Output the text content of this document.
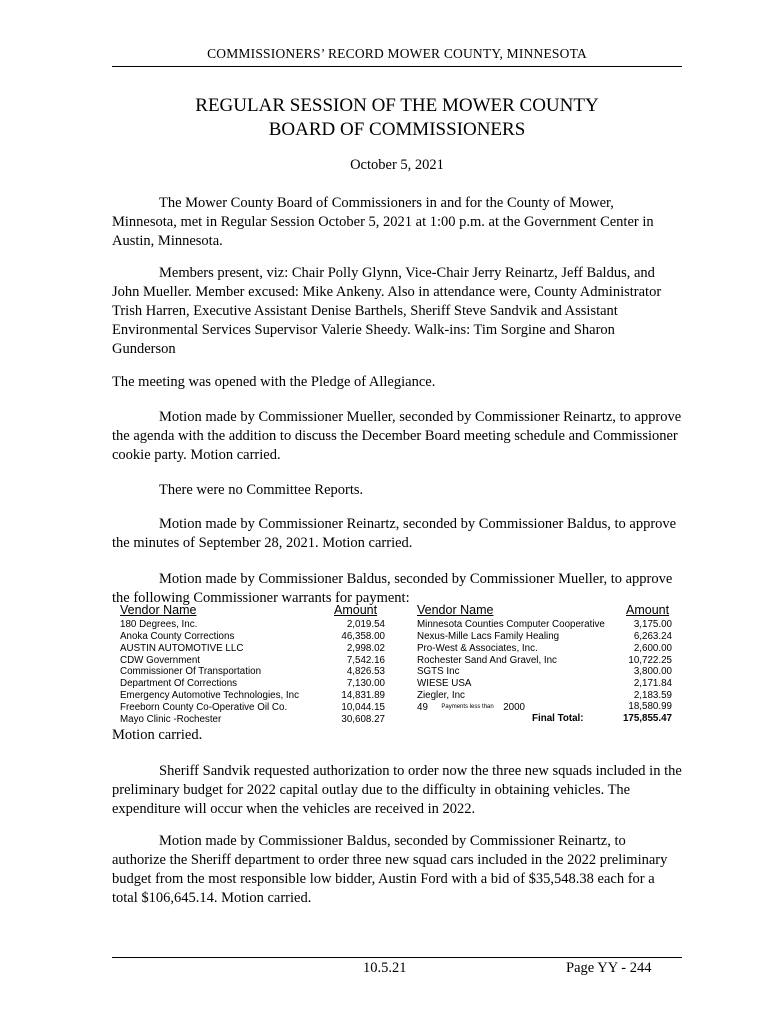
COMMISSIONERS’ RECORD MOWER COUNTY, MINNESOTA
REGULAR SESSION OF THE MOWER COUNTY
BOARD OF COMMISSIONERS
October 5, 2021
The Mower County Board of Commissioners in and for the County of Mower, Minnesota, met in Regular Session October 5, 2021 at 1:00 p.m. at the Government Center in Austin, Minnesota.
Members present, viz: Chair Polly Glynn, Vice-Chair Jerry Reinartz, Jeff Baldus, and John Mueller. Member excused: Mike Ankeny. Also in attendance were, County Administrator Trish Harren, Executive Assistant Denise Barthels, Sheriff Steve Sandvik and Assistant Environmental Services Supervisor Valerie Sheedy. Walk-ins: Tim Sorgine and Sharon Gunderson
The meeting was opened with the Pledge of Allegiance.
Motion made by Commissioner Mueller, seconded by Commissioner Reinartz, to approve the agenda with the addition to discuss the December Board meeting schedule and Commissioner cookie party. Motion carried.
There were no Committee Reports.
Motion made by Commissioner Reinartz, seconded by Commissioner Baldus, to approve the minutes of September 28, 2021. Motion carried.
Motion made by Commissioner Baldus, seconded by Commissioner Mueller, to approve the following Commissioner warrants for payment:
Vendor Name	Amount	Vendor Name	Amount
180 Degrees, Inc.	2,019.54
Anoka County Corrections	46,358.00
AUSTIN AUTOMOTIVE LLC	2,998.02
CDW Government	7,542.16
Commissioner Of Transportation	4,826.53
Department Of Corrections	7,130.00
Emergency Automotive Technologies, Inc	14,831.89
Freeborn County Co-Operative Oil Co.	10,044.15
Mayo Clinic -Rochester	30,608.27
Minnesota Counties Computer Cooperative	3,175.00
Nexus-Mille Lacs Family Healing	6,263.24
Pro-West & Associates, Inc.	2,600.00
Rochester Sand And Gravel, Inc	10,722.25
SGTS Inc	3,800.00
WIESE USA	2,171.84
Ziegler, Inc	2,183.59
49 $^{Payments less than}$ 2000	18,580.99
Final Total:	175,855.47
Motion carried.
Sheriff Sandvik requested authorization to order now the three new squads included in the preliminary budget for 2022 capital outlay due to the difficulty in obtaining vehicles. The expenditure will occur when the vehicles are received in 2022.
Motion made by Commissioner Baldus, seconded by Commissioner Reinartz, to authorize the Sheriff department to order three new squad cars included in the 2022 preliminary budget from the most responsible low bidder, Austin Ford with a bid of $35,548.38 each for a total $106,645.14. Motion carried.
10.5.21	Page YY - 244
